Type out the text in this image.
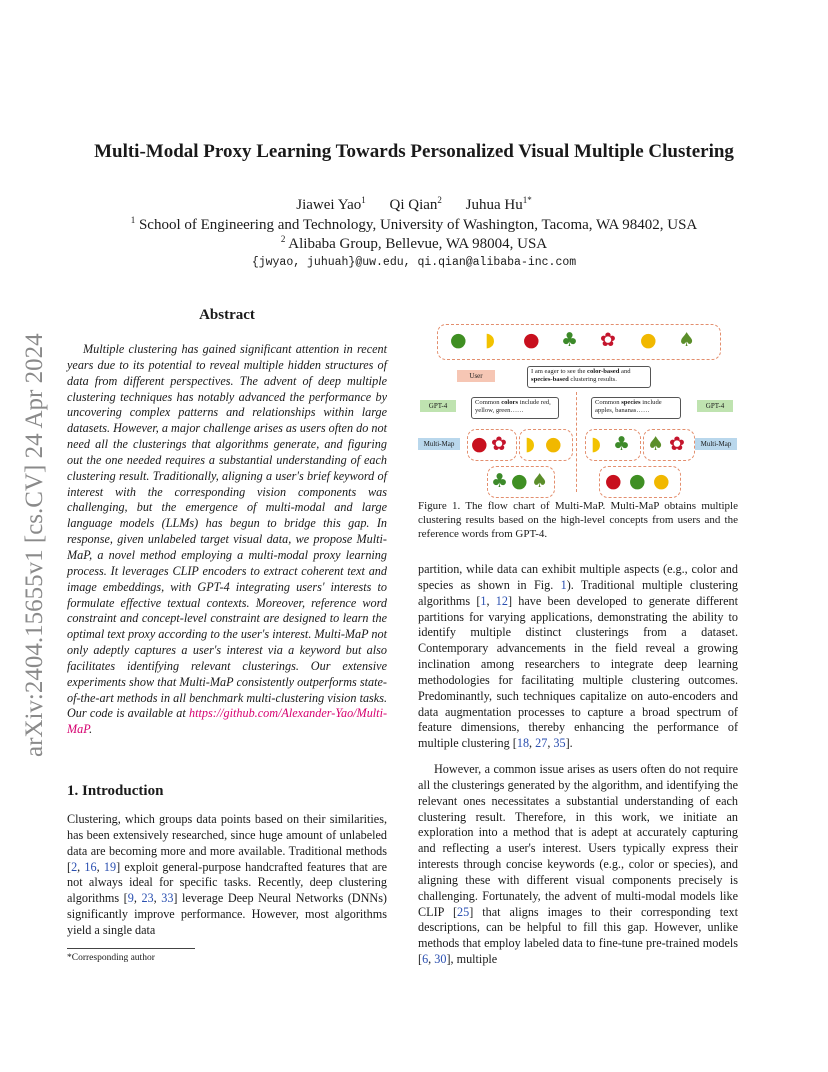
arXiv:2404.15655v1 [cs.CV] 24 Apr 2024
Multi-Modal Proxy Learning Towards Personalized Visual Multiple Clustering
Jiawei Yao$^1$ Qi Qian$^2$ Juhua $Hu^{1*}$
$^1$ School of Engineering and Technology, University of Washington, Tacoma, WA 98402, USA
$^2$ Alibaba Group, Bellevue, WA 98004, USA
{jwyao, juhuah}@uw.edu, qi.qian@alibaba-inc.com
Abstract
Multiple clustering has gained significant attention in recent years due to its potential to reveal multiple hidden structures of data from different perspectives. The advent of deep multiple clustering techniques has notably advanced the performance by uncovering complex patterns and relationships within large datasets. However, a major challenge arises as users often do not need all the clusterings that algorithms generate, and figuring out the one needed requires a substantial understanding of each clustering result. Traditionally, aligning a user's brief keyword of interest with the corresponding vision components was challenging, but the emergence of multi-modal and large language models (LLMs) has begun to bridge this gap. In response, given unlabeled target visual data, we propose Multi-MaP, a novel method employing a multi-modal proxy learning process. It leverages CLIP encoders to extract coherent text and image embeddings, with GPT-4 integrating users' interests to formulate effective textual contexts. Moreover, reference word constraint and concept-level constraint are designed to learn the optimal text proxy according to the user's interest. Multi-MaP not only adeptly captures a user's interest via a keyword but also facilitates identifying relevant clusterings. Our extensive experiments show that Multi-MaP consistently outperforms state-of-the-art methods in all benchmark multi-clustering vision tasks. Our code is available at https://github.com/Alexander-Yao/Multi-MaP.
1. Introduction
Clustering, which groups data points based on their similarities, has been extensively researched, since huge amount of unlabeled data are becoming more and more available. Traditional methods [2, 16, 19] exploit general-purpose handcrafted features that are not always ideal for specific tasks. Recently, deep clustering algorithms [9, 23, 33] leverage Deep Neural Networks (DNNs) significantly improve performance. However, most algorithms yield a single data
*Corresponding author
● ◗ ● ♣ ✿ ● ♠
User
I am eager to see the color-based and species-based clustering results.
GPT-4	Common colors include red, yellow, green……
Common species include apples, bananas……
GPT-4
Multi-Map	Multi-Map
● ✿ ◗ ●
♣ ● ♠
◗ ♣ ♠ ✿
● ● ●
Figure 1. The flow chart of Multi-MaP. Multi-MaP obtains multiple clustering results based on the high-level concepts from users and the reference words from GPT-4.
partition, while data can exhibit multiple aspects (e.g., color and species as shown in Fig. 1). Traditional multiple clustering algorithms [1, 12] have been developed to generate different partitions for varying applications, demonstrating the ability to identify multiple distinct clusterings from a dataset. Contemporary advancements in the field reveal a growing inclination among researchers to integrate deep learning methodologies for facilitating multiple clustering outcomes. Predominantly, such techniques capitalize on auto-encoders and data augmentation processes to capture a broad spectrum of feature dimensions, thereby enhancing the performance of multiple clustering [18, 27, 35].
However, a common issue arises as users often do not require all the clusterings generated by the algorithm, and identifying the relevant ones necessitates a substantial understanding of each clustering result. Therefore, in this work, we initiate an exploration into a method that is adept at accurately capturing and reflecting a user's interest. Users typically express their interests through concise keywords (e.g., color or species), and aligning these with different visual components precisely is challenging. Fortunately, the advent of multi-modal models like CLIP [25] that aligns images to their corresponding text descriptions, can be helpful to fill this gap. However, unlike methods that employ labeled data to fine-tune pre-trained models [6, 30], multiple
